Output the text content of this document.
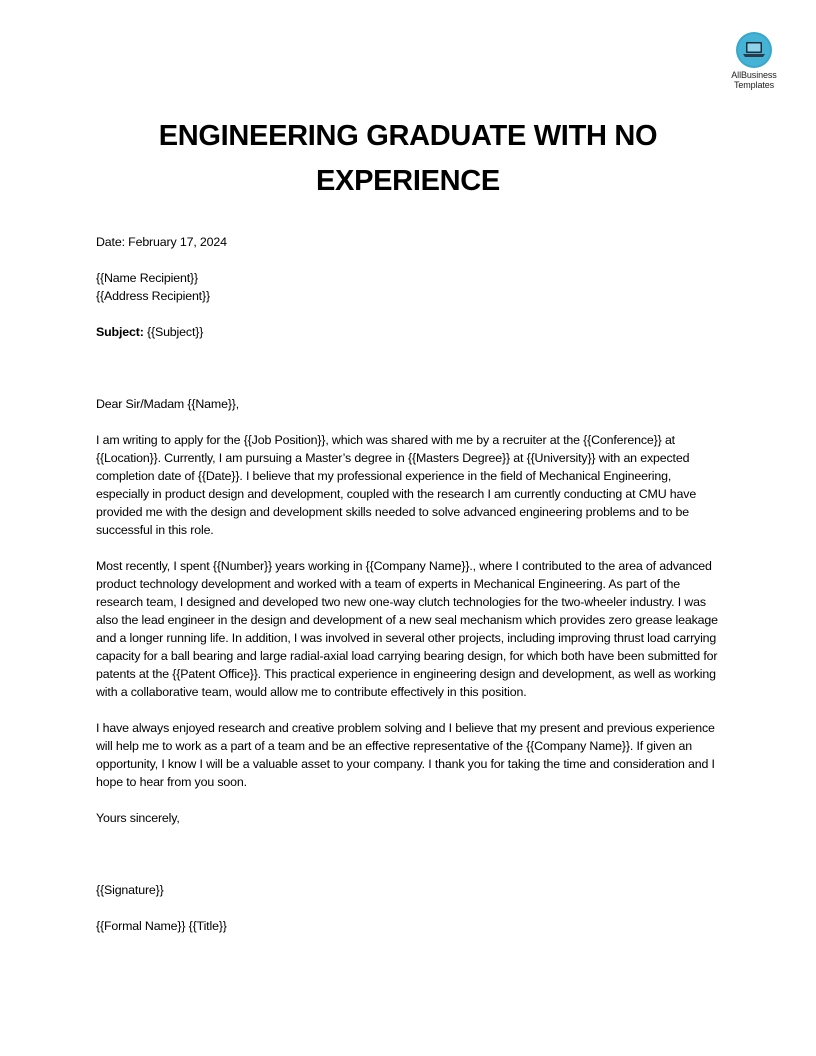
AllBusiness
Templates
ENGINEERING GRADUATE WITH NO EXPERIENCE

Date: February 17, 2024

{{Name Recipient}}

{{Address Recipient}}

Subject: {{Subject}}

Dear Sir/Madam {{Name}},

I am writing to apply for the {{Job Position}}, which was shared with me by a recruiter at the {{Conference}} at {{Location}}. Currently, I am pursuing a Master’s degree in {{Masters Degree}} at {{University}} with an expected completion date of {{Date}}. I believe that my professional experience in the field of Mechanical Engineering, especially in product design and development, coupled with the research I am currently conducting at CMU have provided me with the design and development skills needed to solve advanced engineering problems and to be successful in this role.

Most recently, I spent {{Number}} years working in {{Company Name}}., where I contributed to the area of advanced product technology development and worked with a team of experts in Mechanical Engineering. As part of the research team, I designed and developed two new one-way clutch technologies for the two-wheeler industry. I was also the lead engineer in the design and development of a new seal mechanism which provides zero grease leakage and a longer running life. In addition, I was involved in several other projects, including improving thrust load carrying capacity for a ball bearing and large radial-axial load carrying bearing design, for which both have been submitted for patents at the {{Patent Office}}. This practical experience in engineering design and development, as well as working with a collaborative team, would allow me to contribute effectively in this position.

I have always enjoyed research and creative problem solving and I believe that my present and previous experience will help me to work as a part of a team and be an effective representative of the {{Company Name}}. If given an opportunity, I know I will be a valuable asset to your company. I thank you for taking the time and consideration and I hope to hear from you soon.

Yours sincerely,

{{Signature}}

{{Formal Name}} {{Title}}
